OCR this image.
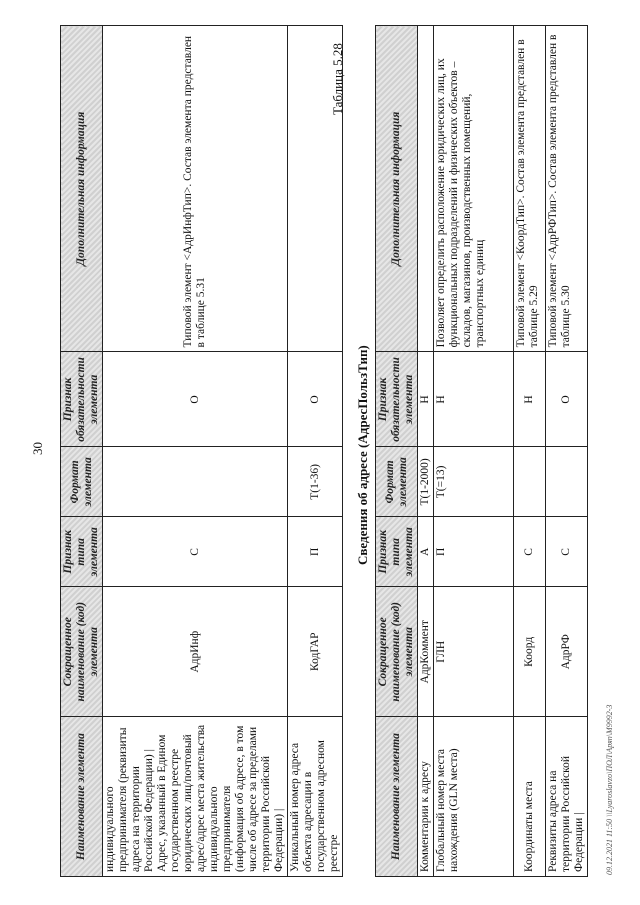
30
Наименование элемента	Сокращенное наименование (код) элемента	Признак типа элемента	Формат элемента	Признак обязательности элемента	Дополнительная информация
индивидуального предпринимателя (реквизиты адреса на территории Российской Федерации) | Адрес, указанный в Едином государственном реестре юридических лиц/почтовый адрес/адрес места жительства индивидуального предпринимателя (информация об адресе, в том числе об адресе за пределами территории Российской Федерации) |	АдрИнф	С		О	Типовой элемент <АдрИнфТип>. Состав элемента представлен в таблице 5.31
Уникальный номер адреса объекта адресации в государственном адресном реестре	КодГАР	П	Т(1-36)	О	
Таблица 5.28
Сведения об адресе (АдресПользТип)
Наименование элемента	Сокращенное наименование (код) элемента	Признак типа элемента	Формат элемента	Признак обязательности элемента	Дополнительная информация
Комментарии к адресу	АдрКоммент	А	Т(1-2000)	Н	
Глобальный номер места нахождения (GLN места)	ГЛН	П	Т(=13)	Н	Позволяет определить расположение юридических лиц, их функциональных подразделений и физических объектов – складов, магазинов, производственных помещений, транспортных единиц
Координаты места	Коорд	С		Н	Типовой элемент <КоордТип>. Состав элемента представлен в таблице 5.29
Реквизиты адреса на территории Российской Федерации |	АдрРФ	С		О	Типовой элемент <АдрРФТип>. Состав элемента представлен в таблице 5.30
09.12.2021 11:50 \\Lyaroslavzo\ПОЛ\Аряп\М9992-3
